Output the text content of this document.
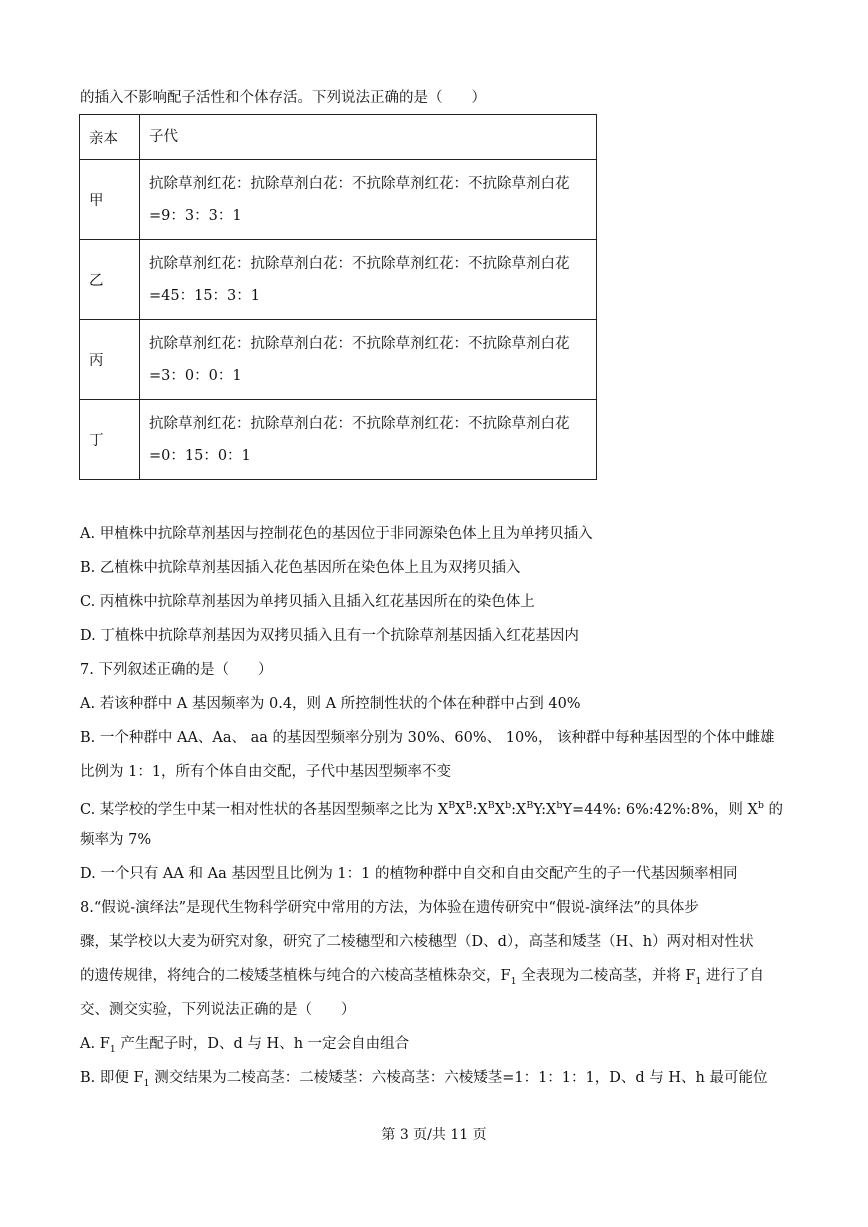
的插入不影响配子活性和个体存活。下列说法正确的是（　　）
亲本	子代
甲	抗除草剂红花：抗除草剂白花：不抗除草剂红花：不抗除草剂白花
=9：3：3：1
乙	抗除草剂红花：抗除草剂白花：不抗除草剂红花：不抗除草剂白花
=45：15：3：1
丙	抗除草剂红花：抗除草剂白花：不抗除草剂红花：不抗除草剂白花
=3：0：0：1
丁	抗除草剂红花：抗除草剂白花：不抗除草剂红花：不抗除草剂白花
=0：15：0：1
A. 甲植株中抗除草剂基因与控制花色的基因位于非同源染色体上且为单拷贝插入
B. 乙植株中抗除草剂基因插入花色基因所在染色体上且为双拷贝插入
C. 丙植株中抗除草剂基因为单拷贝插入且插入红花基因所在的染色体上
D. 丁植株中抗除草剂基因为双拷贝插入且有一个抗除草剂基因插入红花基因内
7. 下列叙述正确的是（　　）
A. 若该种群中 A 基因频率为 0.4，则 A 所控制性状的个体在种群中占到 40%
B. 一个种群中 AA、Aa、 aa 的基因型频率分别为 30%、60%、 10%， 该种群中每种基因型的个体中雌雄
比例为 1：1，所有个体自由交配，子代中基因型频率不变
C. 某学校的学生中某一相对性状的各基因型频率之比为 $X^BX^B:X^BX^b:X^BY:X^bY=44\%$: 6%:42%:8%，则 $X^b$ 的
频率为 7%
D. 一个只有 AA 和 Aa 基因型且比例为 1：1 的植物种群中自交和自由交配产生的子一代基因频率相同
8.“假说-演绎法”是现代生物科学研究中常用的方法，为体验在遗传研究中“假说-演绎法”的具体步
骤，某学校以大麦为研究对象，研究了二棱穗型和六棱穗型（D、d），高茎和矮茎（H、h）两对相对性状
的遗传规律，将纯合的二棱矮茎植株与纯合的六棱高茎植株杂交，$F_1$ 全表现为二棱高茎，并将 $F_1$ 进行了自
交、测交实验，下列说法正确的是（　　）
A. $F_1$ 产生配子时，D、d 与 H、h 一定会自由组合
B. 即便 $F_1$ 测交结果为二棱高茎：二棱矮茎：六棱高茎：六棱矮茎=1：1：1：1，D、d 与 H、h 最可能位
第 3 页/共 11 页
